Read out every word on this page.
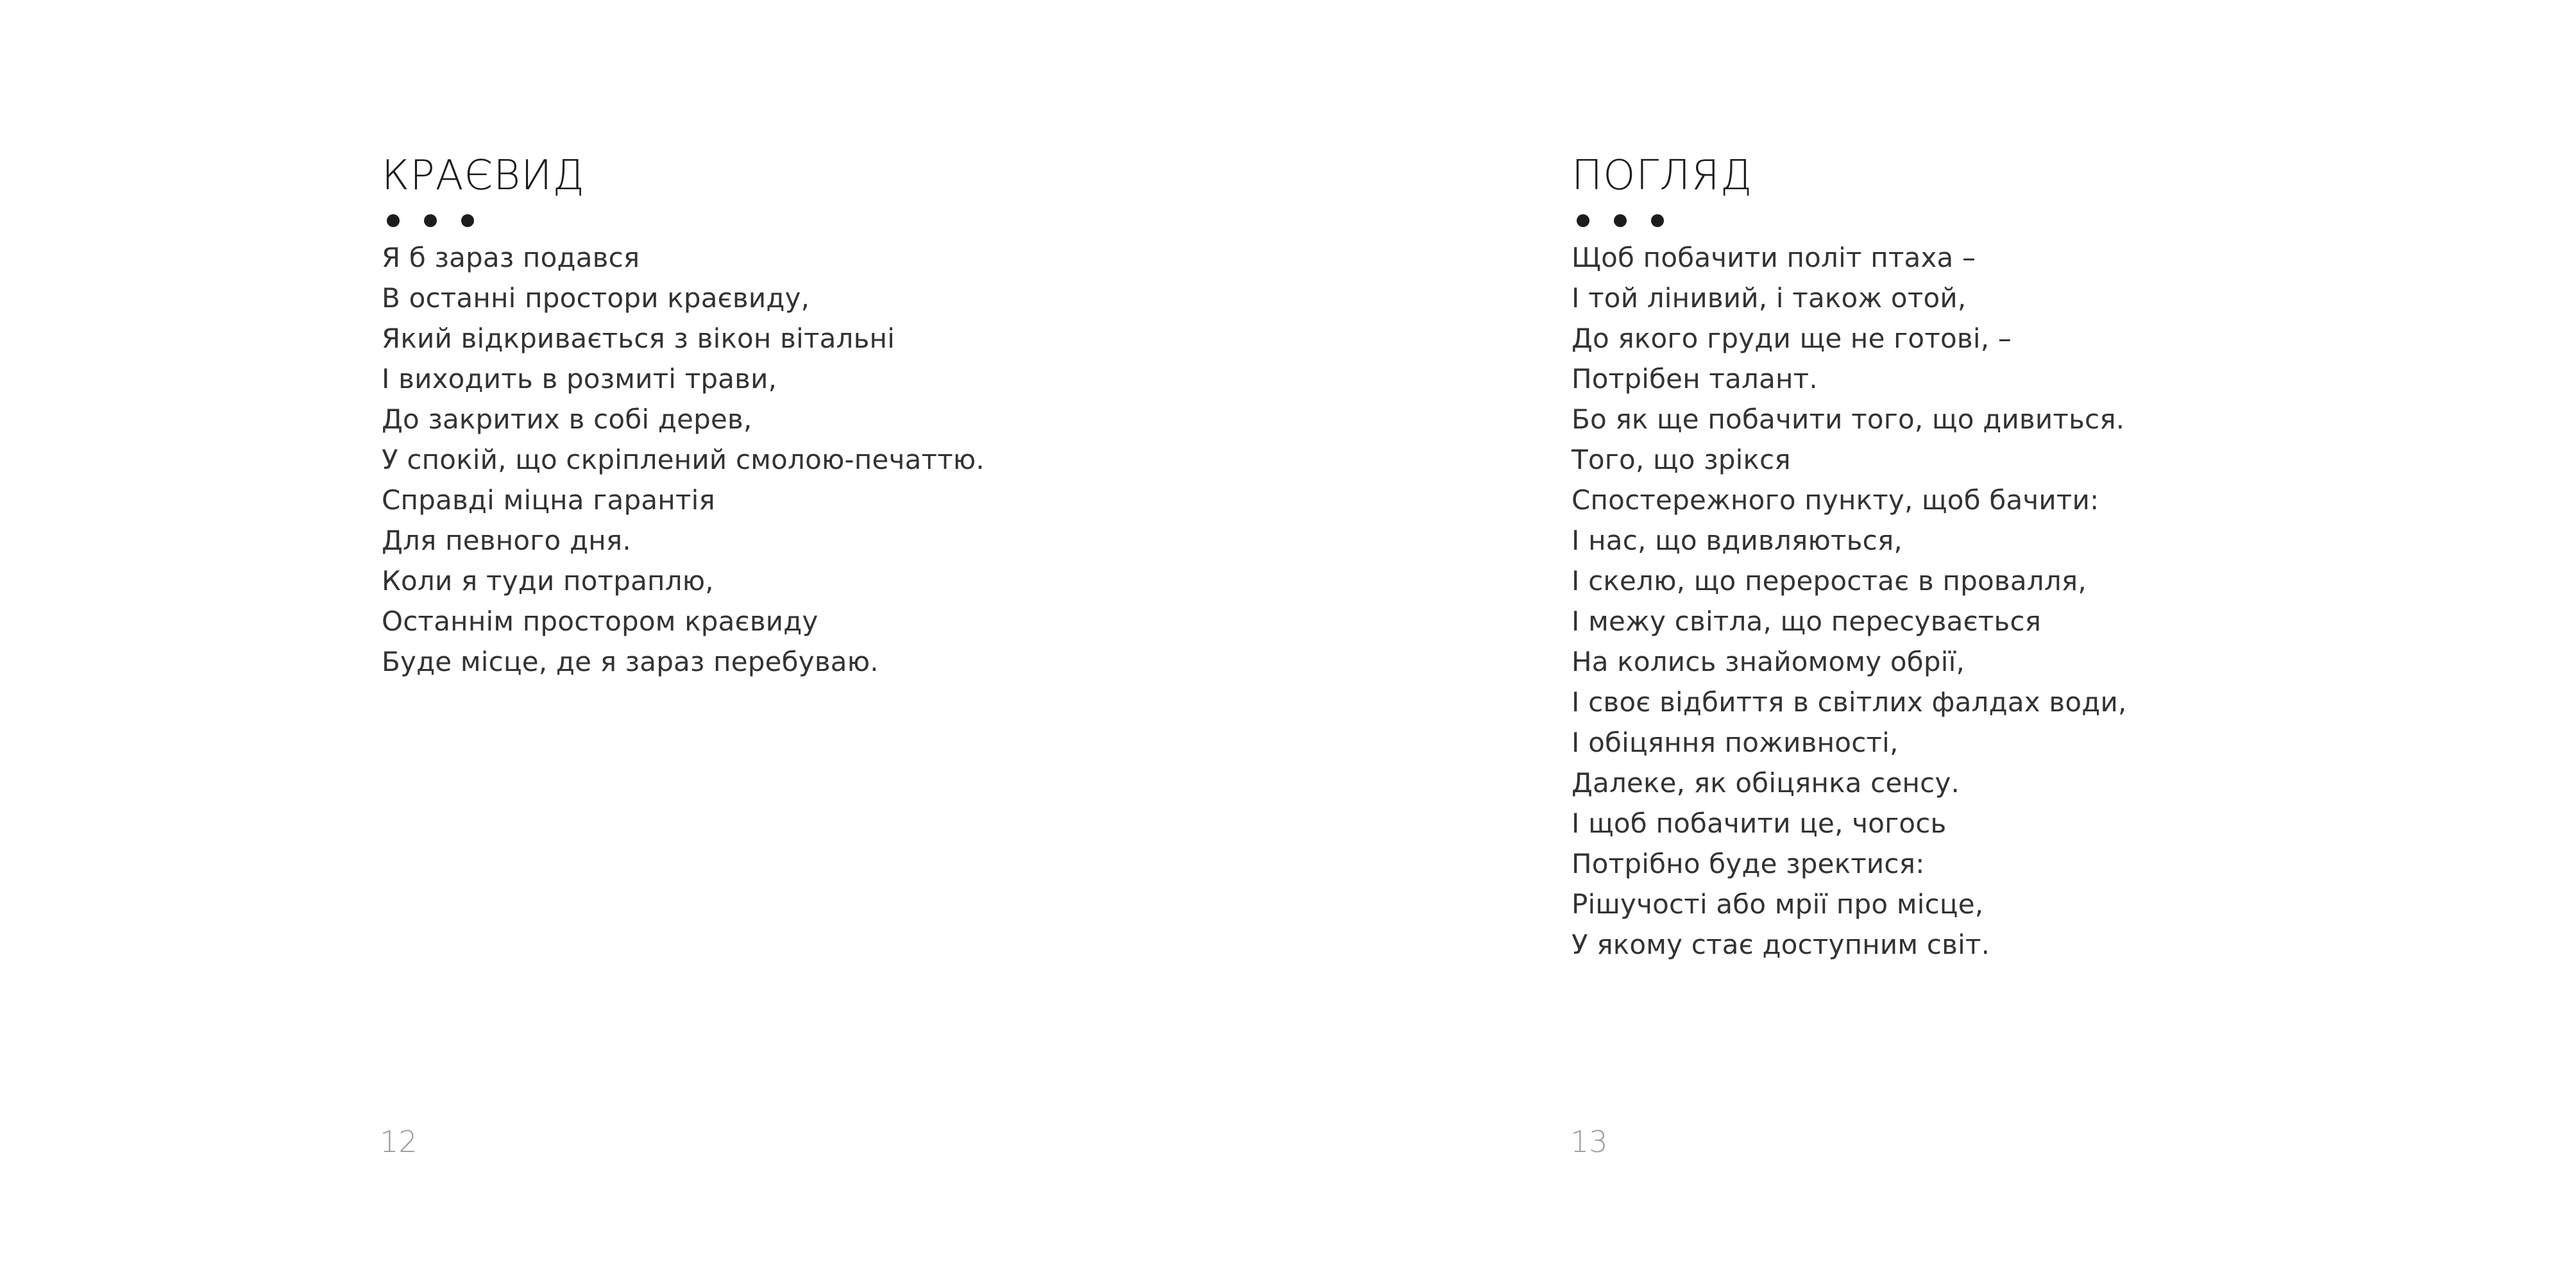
КРАЄВИД
Я б зараз подався
В останні простори краєвиду,
Який відкривається з вікон вітальні
І виходить в розмиті трави,
До закритих в собі дерев,
У спокій, що скріплений смолою-печаттю.
Справді міцна гарантія
Для певного дня.
Коли я туди потраплю,
Останнім простором краєвиду
Буде місце, де я зараз перебуваю.
12
ПОГЛЯД
Щоб побачити політ птаха –
І той лінивий, і також отой,
До якого груди ще не готові, –
Потрібен талант.
Бо як ще побачити того, що дивиться.
Того, що зрікся
Спостережного пункту, щоб бачити:
І нас, що вдивляються,
І скелю, що переростає в провалля,
І межу світла, що пересувається
На колись знайомому обрії,
І своє відбиття в світлих фалдах води,
І обіцяння поживності,
Далеке, як обіцянка сенсу.
І щоб побачити це, чогось
Потрібно буде зректися:
Рішучості або мрії про місце,
У якому стає доступним світ.
13
